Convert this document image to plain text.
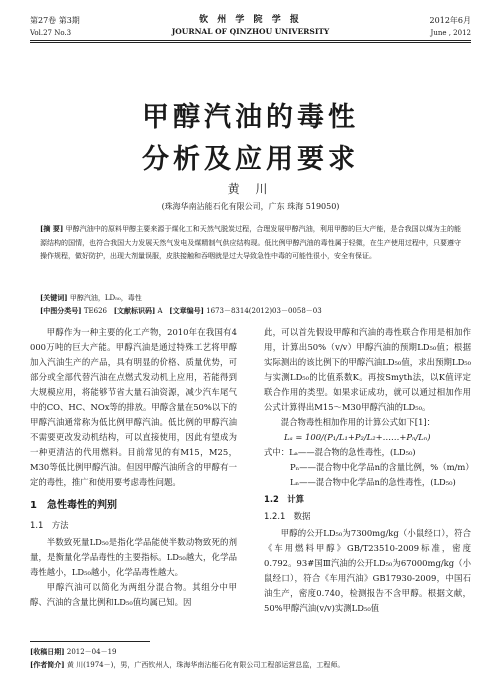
第27卷 第3期	钦 州 学 院 学 报	2012年6月
Vol.27 No.3	JOURNAL OF QINZHOU UNIVERSITY	June , 2012
甲醇汽油的毒性
分析及应用要求
黄 川
(珠海华南沾能石化有限公司，广东 珠海 519050)
[摘 要] 甲醇汽油中的原料甲醇主要来源于煤化工和天然气脱炭过程，合理发展甲醇汽油，利用甲醇的巨大产能，是合我国以煤为主的能源结构的国情，也符合我国大力发展天然气发电及煤精制气供应结构现。低比例甲醇汽油的毒性属于轻微，在生产使用过程中，只要遵守操作规程，做好防护，出现大剂量误服，皮肤接触和吞咽就是过大导致急性中毒的可能性很小，安全有保证。
[关键词] 甲醇汽油，LD₅₀，毒性
[中图分类号] TE626 [文献标识码] A [文章编号] 1673－8314(2012)03－0058－03

甲醇作为一种主要的化工产物，2010年在我国有4 000万吨的巨大产能。甲醇汽油是通过特殊工艺将甲醇加入汽油生产的产品，具有明显的价格、质量优势，可部分或全部代替汽油在点燃式发动机上应用，若能得到大规模应用，将能够节省大量石油资源，减少汽车尾气中的CO、HC、NOx等的排放。甲醇含量在50%以下的甲醇汽油通常称为低比例甲醇汽油。低比例的甲醇汽油不需要更改发动机结构，可以直接使用，因此有望成为一种更清洁的代用燃料。目前常见的有M15，M25，M30等低比例甲醇汽油。但因甲醇汽油所含的甲醇有一定的毒性，推广和使用要考虑毒性问题。

1　急性毒性的判别
1.1　方法

半数致死量LD₅₀是指化学品能使半数动物致死的剂量，是衡量化学品毒性的主要指标。LD₅₀越大，化学品毒性越小，LD₅₀越小，化学品毒性越大。

甲醇汽油可以简化为两组分混合物。其组分中甲醇、汽油的含量比例和LD₅₀值均属已知。因

此，可以首先假设甲醇和汽油的毒性联合作用是相加作用，计算出50%（v/v）甲醇汽油的预期LD₅₀值；根据实际测出的该比例下的甲醇汽油LD₅₀值，求出预期LD₅₀与实测LD₅₀的比值系数K。再按Smyth法，以K值评定联合作用的类型。如果求证成功，就可以通过相加作用公式计算得出M15～M30甲醇汽油的LD₅₀。

混合物毒性相加作用的计算公式如下[1]：

Lₐ = 100/(P₁/L₁+P₂/L₂+……+Pₙ/Lₙ)

式中：Lₐ——混合物的急性毒性，(LD₅₀)

Pₙ——混合物中化学品n的含量比例，%（m/m）

Lₙ——混合物中化学品n的急性毒性，(LD₅₀)

1.2　计算
1.2.1　数据

甲醇的公开LD₅₀为7300mg/kg（小鼠经口），符合《车用燃料甲醇》GB/T23510-2009标准，密度0.792。93#国Ⅲ汽油的公开LD₅₀为67000mg/kg（小鼠经口），符合《车用汽油》GB17930-2009，中国石油生产，密度0.740，检测报告不含甲醇。根据文献，50%甲醇汽油(v/v)实测LD₅₀值

[收稿日期] 2012－04－19
[作者简介] 黄 川(1974－)，男，广西钦州人，珠海华南沾能石化有限公司工程部运营总监，工程师。
